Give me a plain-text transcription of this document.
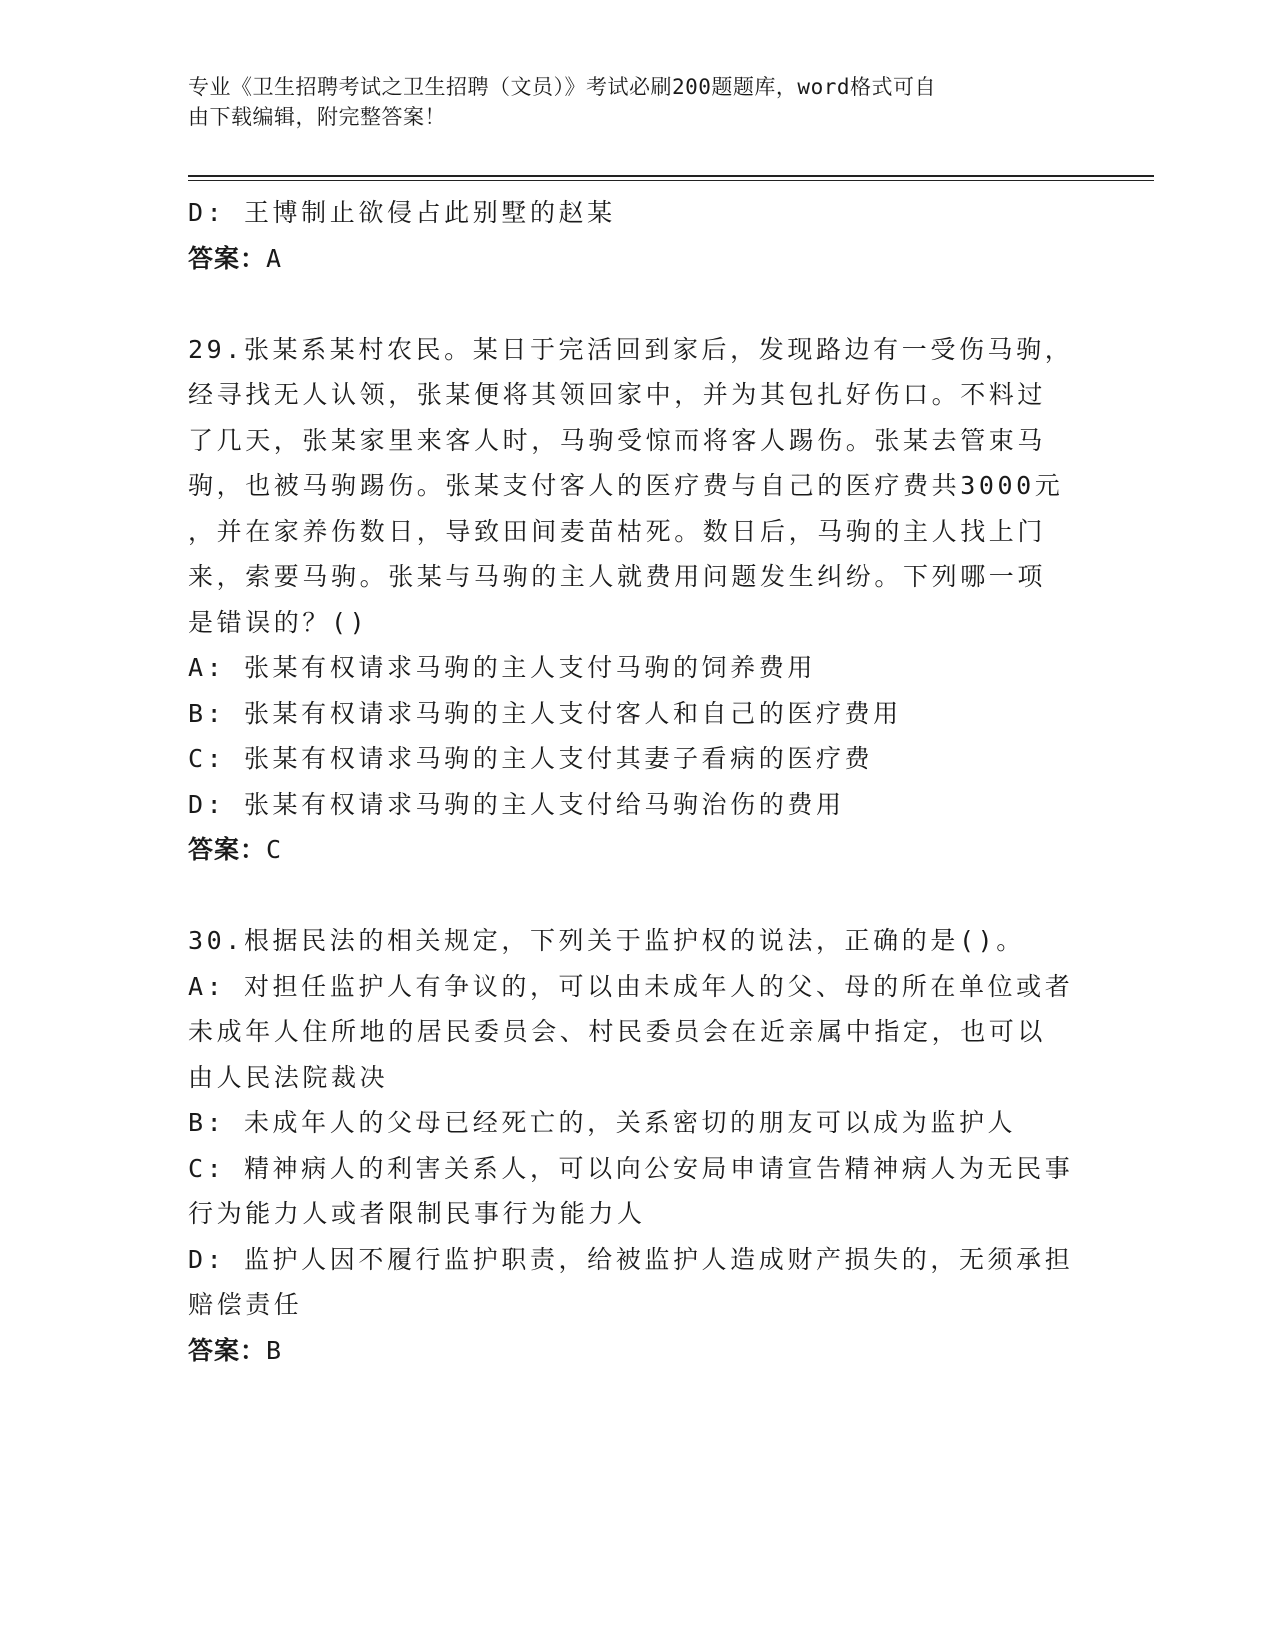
专业《卫生招聘考试之卫生招聘（文员）》考试必刷200题题库，word格式可自
由下载编辑，附完整答案！
D: 王博制止欲侵占此别墅的赵某
答案：A
29.张某系某村农民。某日于完活回到家后，发现路边有一受伤马驹，
经寻找无人认领，张某便将其领回家中，并为其包扎好伤口。不料过
了几天，张某家里来客人时，马驹受惊而将客人踢伤。张某去管束马
驹，也被马驹踢伤。张某支付客人的医疗费与自己的医疗费共3000元
，并在家养伤数日，导致田间麦苗枯死。数日后，马驹的主人找上门
来，索要马驹。张某与马驹的主人就费用问题发生纠纷。下列哪一项
是错误的？()
A: 张某有权请求马驹的主人支付马驹的饲养费用
B: 张某有权请求马驹的主人支付客人和自己的医疗费用
C: 张某有权请求马驹的主人支付其妻子看病的医疗费
D: 张某有权请求马驹的主人支付给马驹治伤的费用
答案：C
30.根据民法的相关规定，下列关于监护权的说法，正确的是()。
A: 对担任监护人有争议的，可以由未成年人的父、母的所在单位或者
未成年人住所地的居民委员会、村民委员会在近亲属中指定，也可以
由人民法院裁决
B: 未成年人的父母已经死亡的，关系密切的朋友可以成为监护人
C: 精神病人的利害关系人，可以向公安局申请宣告精神病人为无民事
行为能力人或者限制民事行为能力人
D: 监护人因不履行监护职责，给被监护人造成财产损失的，无须承担
赔偿责任
答案：B
